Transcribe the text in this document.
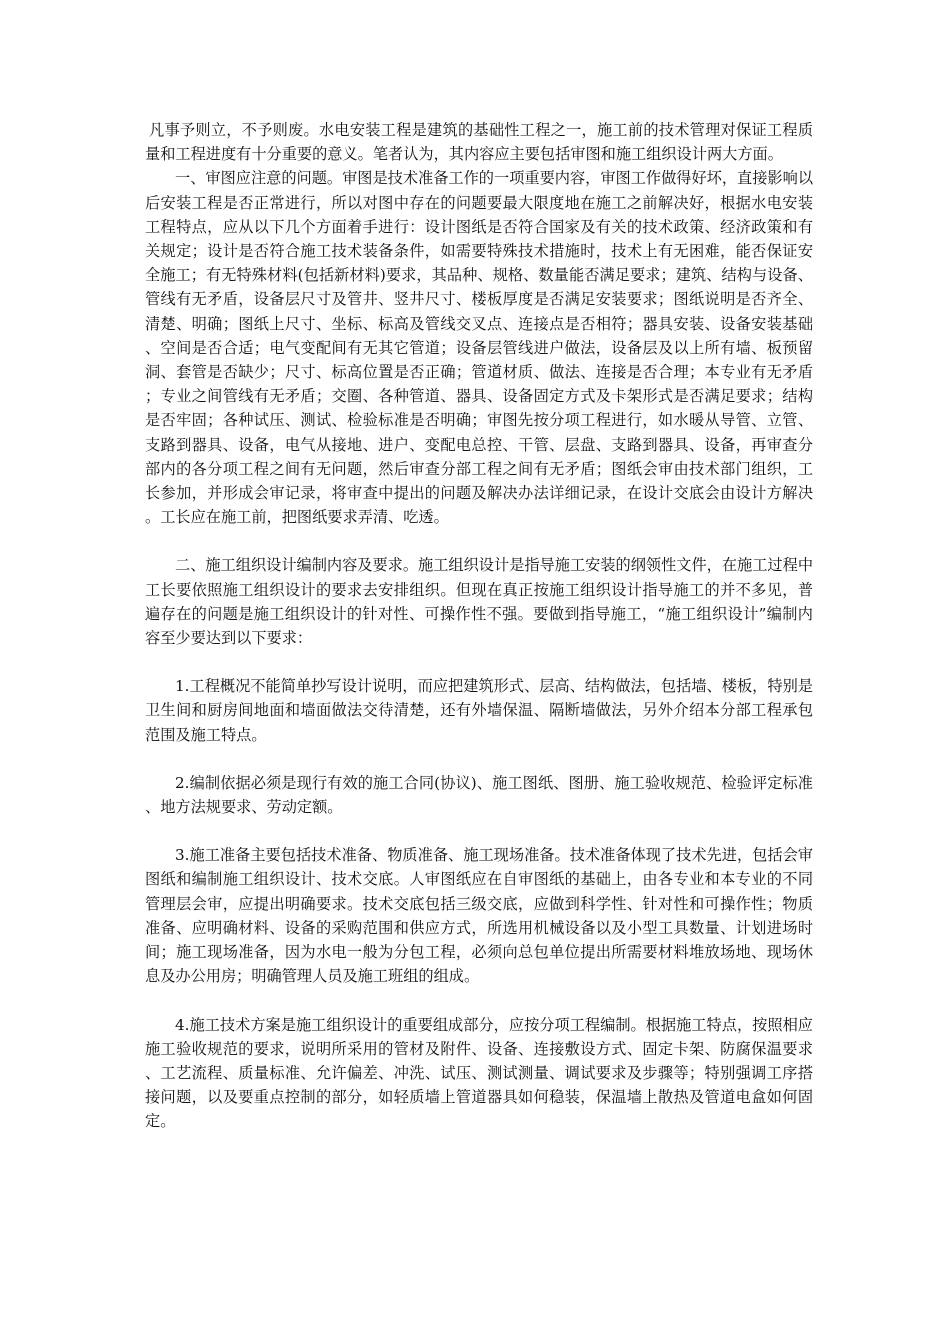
凡事予则立，不予则废。水电安装工程是建筑的基础性工程之一，施工前的技术管理对保证工程质量和工程进度有十分重要的意义。笔者认为，其内容应主要包括审图和施工组织设计两大方面。

一、审图应注意的问题。审图是技术准备工作的一项重要内容，审图工作做得好坏，直接影响以后安装工程是否正常进行，所以对图中存在的问题要最大限度地在施工之前解决好，根据水电安装工程特点，应从以下几个方面着手进行：设计图纸是否符合国家及有关的技术政策、经济政策和有关规定；设计是否符合施工技术装备条件，如需要特殊技术措施时，技术上有无困难，能否保证安全施工；有无特殊材料(包括新材料)要求，其品种、规格、数量能否满足要求；建筑、结构与设备、管线有无矛盾，设备层尺寸及管井、竖井尺寸、楼板厚度是否满足安装要求；图纸说明是否齐全、清楚、明确；图纸上尺寸、坐标、标高及管线交叉点、连接点是否相符；器具安装、设备安装基础、空间是否合适；电气变配间有无其它管道；设备层管线进户做法，设备层及以上所有墙、板预留洞、套管是否缺少；尺寸、标高位置是否正确；管道材质、做法、连接是否合理；本专业有无矛盾；专业之间管线有无矛盾；交圈、各种管道、器具、设备固定方式及卡架形式是否满足要求；结构是否牢固；各种试压、测试、检验标准是否明确；审图先按分项工程进行，如水暖从导管、立管、支路到器具、设备，电气从接地、进户、变配电总控、干管、层盘、支路到器具、设备，再审查分部内的各分项工程之间有无问题，然后审查分部工程之间有无矛盾；图纸会审由技术部门组织，工长参加，并形成会审记录，将审查中提出的问题及解决办法详细记录，在设计交底会由设计方解决。工长应在施工前，把图纸要求弄清、吃透。

二、施工组织设计编制内容及要求。施工组织设计是指导施工安装的纲领性文件，在施工过程中工长要依照施工组织设计的要求去安排组织。但现在真正按施工组织设计指导施工的并不多见，普遍存在的问题是施工组织设计的针对性、可操作性不强。要做到指导施工，“施工组织设计”编制内容至少要达到以下要求：

1.工程概况不能简单抄写设计说明，而应把建筑形式、层高、结构做法，包括墙、楼板，特别是卫生间和厨房间地面和墙面做法交待清楚，还有外墙保温、隔断墙做法，另外介绍本分部工程承包范围及施工特点。

2.编制依据必须是现行有效的施工合同(协议)、施工图纸、图册、施工验收规范、检验评定标准、地方法规要求、劳动定额。

3.施工准备主要包括技术准备、物质准备、施工现场准备。技术准备体现了技术先进，包括会审图纸和编制施工组织设计、技术交底。人审图纸应在自审图纸的基础上，由各专业和本专业的不同管理层会审，应提出明确要求。技术交底包括三级交底，应做到科学性、针对性和可操作性；物质准备、应明确材料、设备的采购范围和供应方式，所选用机械设备以及小型工具数量、计划进场时间；施工现场准备，因为水电一般为分包工程，必须向总包单位提出所需要材料堆放场地、现场休息及办公用房；明确管理人员及施工班组的组成。

4.施工技术方案是施工组织设计的重要组成部分，应按分项工程编制。根据施工特点，按照相应施工验收规范的要求，说明所采用的管材及附件、设备、连接敷设方式、固定卡架、防腐保温要求、工艺流程、质量标准、允许偏差、冲洗、试压、测试测量、调试要求及步骤等；特别强调工序搭接问题，以及要重点控制的部分，如轻质墙上管道器具如何稳装，保温墙上散热及管道电盒如何固定。
